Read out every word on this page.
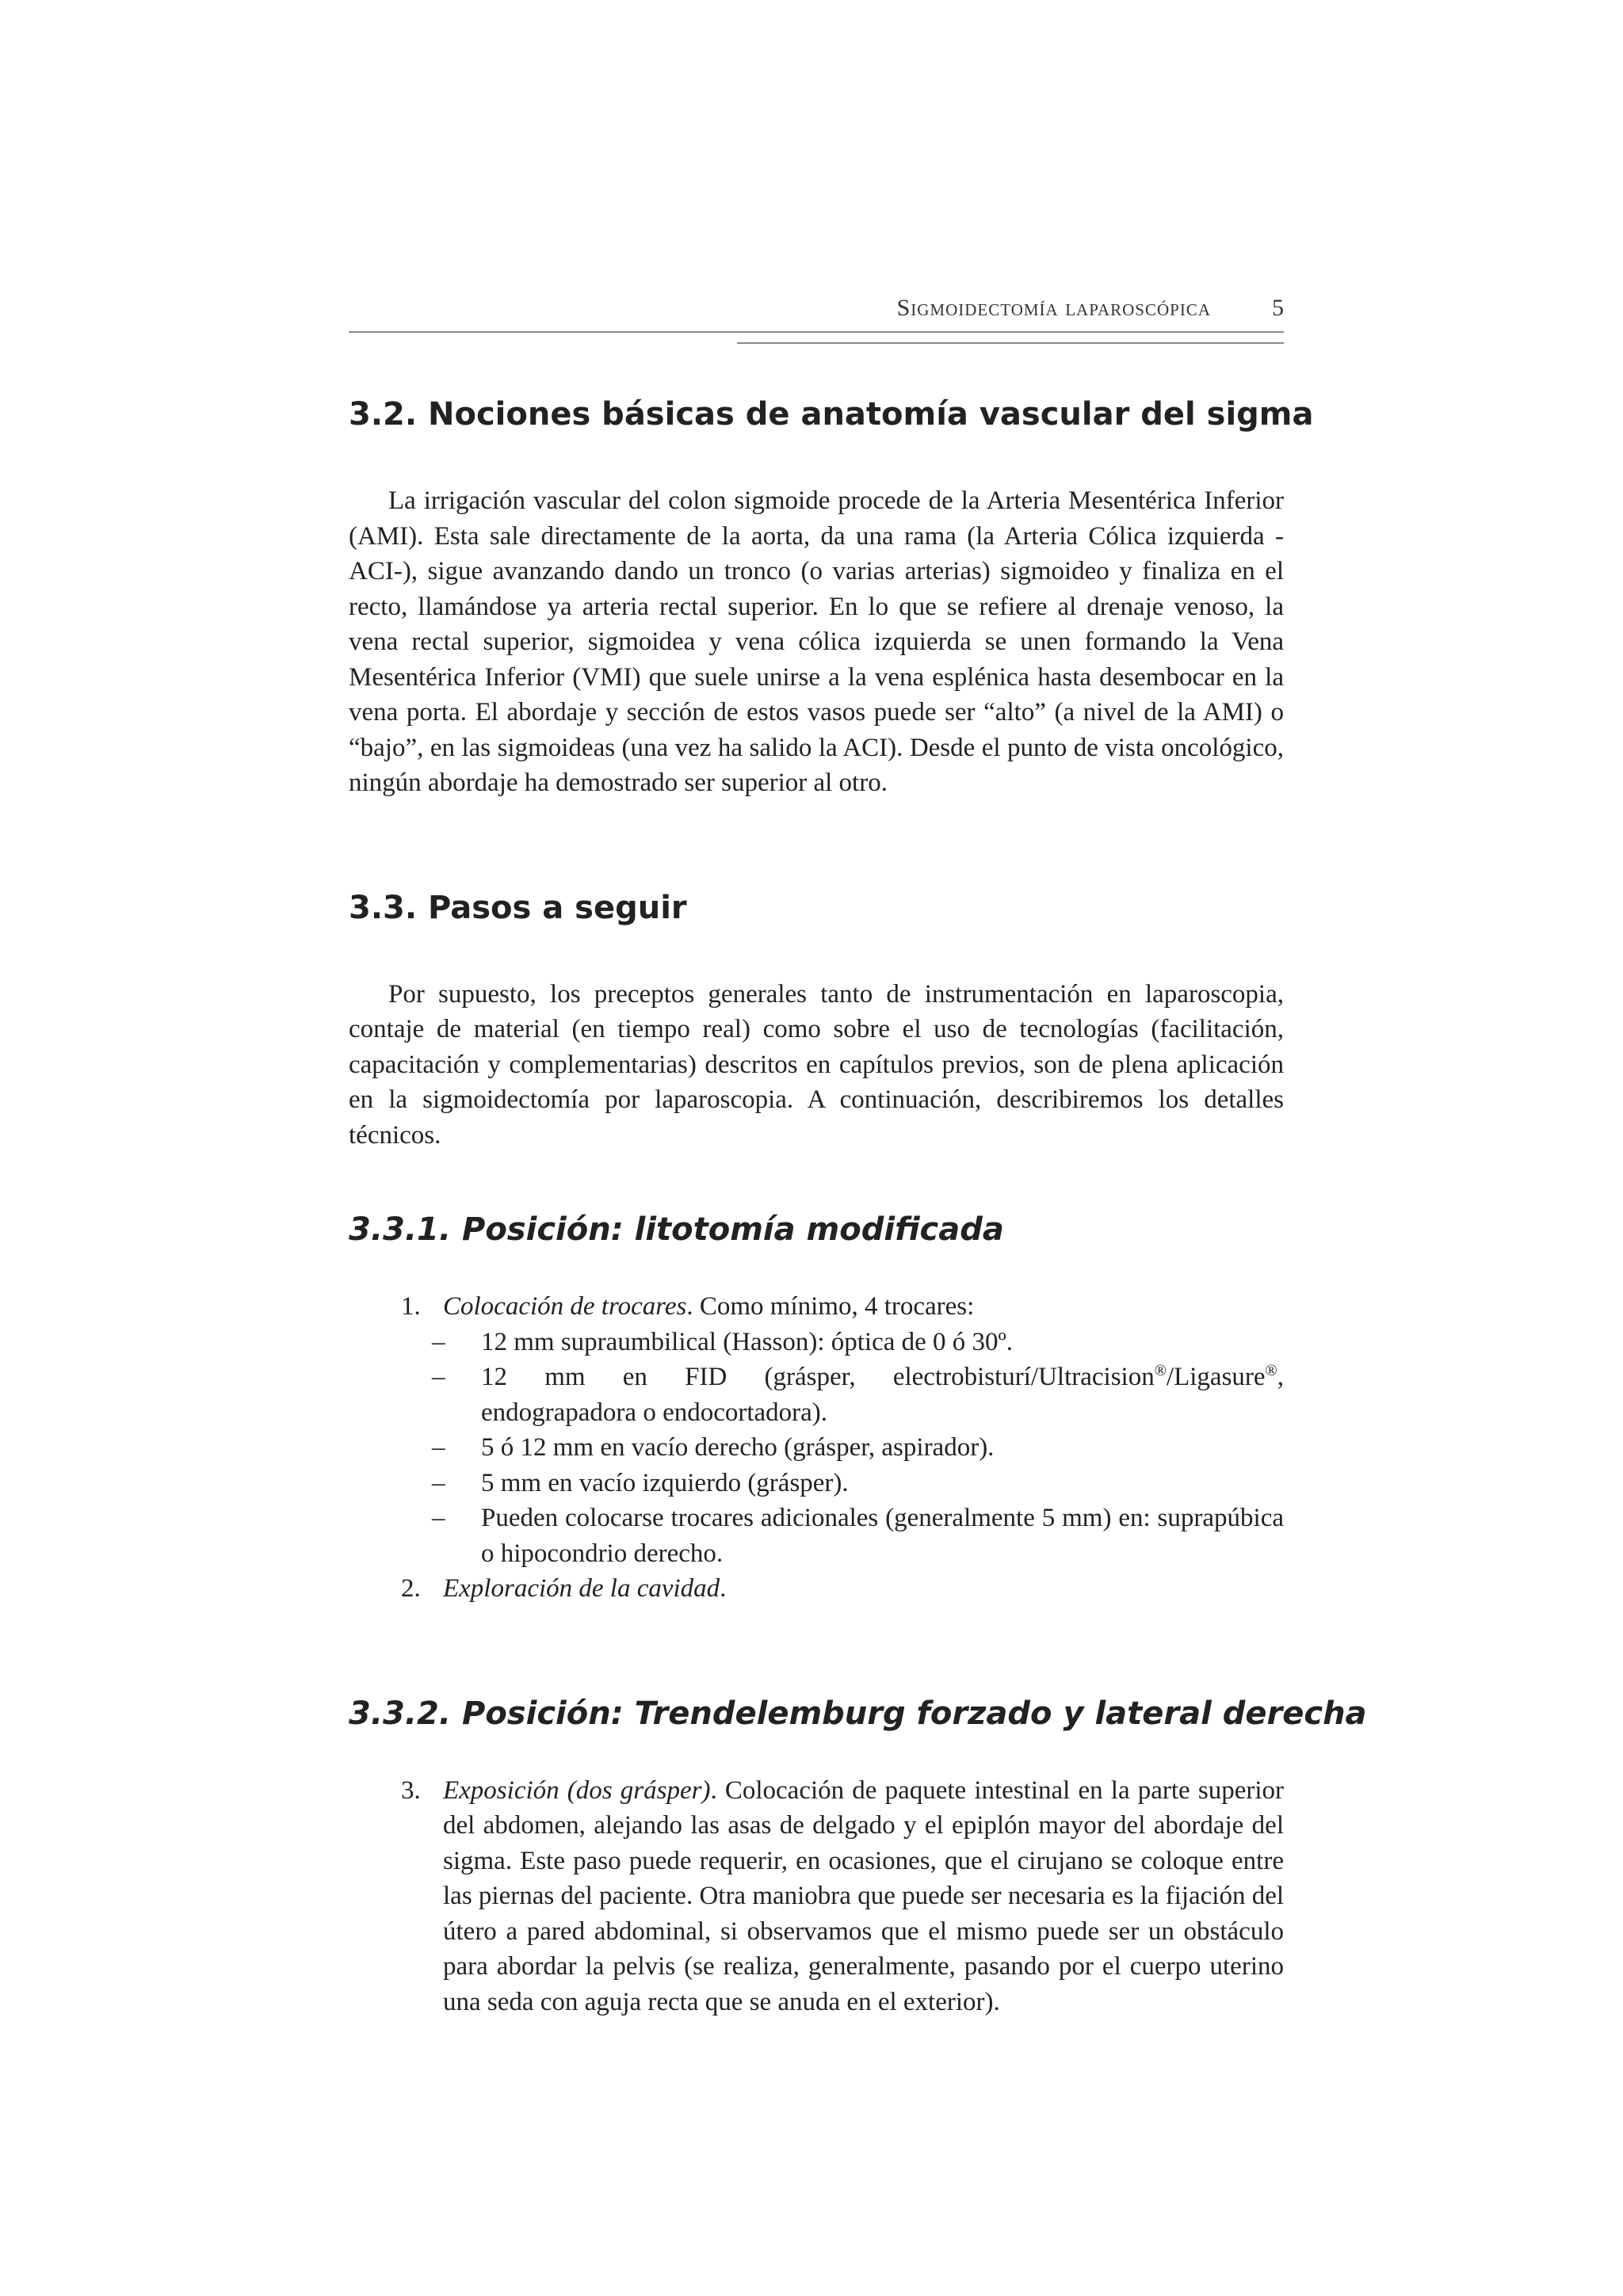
Sigmoidectomía laparoscópica	5
3.2. Nociones básicas de anatomía vascular del sigma

La irrigación vascular del colon sigmoide procede de la Arteria Mesentérica Inferior (AMI). Esta sale directamente de la aorta, da una rama (la Arteria Cólica izquierda -ACI-), sigue avanzando dando un tronco (o varias arterias) sigmoideo y finaliza en el recto, llamándose ya arteria rectal superior. En lo que se refiere al drenaje venoso, la vena rectal superior, sigmoidea y vena cólica izquierda se unen formando la Vena Mesentérica Inferior (VMI) que suele unirse a la vena esplénica hasta desembocar en la vena porta. El abordaje y sección de estos vasos puede ser “alto” (a nivel de la AMI) o “bajo”, en las sigmoideas (una vez ha salido la ACI). Desde el punto de vista oncológico, ningún abordaje ha demostrado ser superior al otro.

3.3. Pasos a seguir

Por supuesto, los preceptos generales tanto de instrumentación en laparoscopia, contaje de material (en tiempo real) como sobre el uso de tecnologías (facilitación, capacitación y complementarias) descritos en capítulos previos, son de plena aplicación en la sigmoidectomía por laparoscopia. A continuación, describiremos los detalles técnicos.

3.3.1. Posición: litotomía modificada
1. Colocación de trocares. Como mínimo, 4 trocares:
– 12 mm supraumbilical (Hasson): óptica de 0 ó 30º.
– 12 mm en FID (grásper, electrobisturí/Ultracision®/Ligasure®, endograpadora o endocortadora).
– 5 ó 12 mm en vacío derecho (grásper, aspirador).
– 5 mm en vacío izquierdo (grásper).
– Pueden colocarse trocares adicionales (generalmente 5 mm) en: suprapúbica o hipocondrio derecho.
2. Exploración de la cavidad.
3.3.2. Posición: Trendelemburg forzado y lateral derecha
3. Exposición (dos grásper). Colocación de paquete intestinal en la parte superior del abdomen, alejando las asas de delgado y el epiplón mayor del abordaje del sigma. Este paso puede requerir, en ocasiones, que el cirujano se coloque entre las piernas del paciente. Otra maniobra que puede ser necesaria es la fijación del útero a pared abdominal, si observamos que el mismo puede ser un obstáculo para abordar la pelvis (se realiza, generalmente, pasando por el cuerpo uterino una seda con aguja recta que se anuda en el exterior).
